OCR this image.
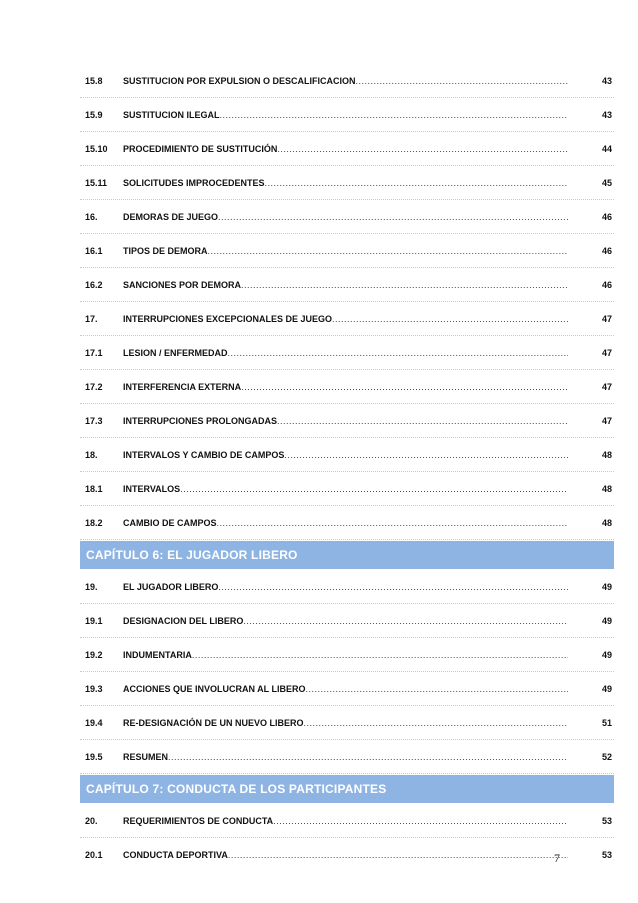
15.8	SUSTITUCION POR EXPULSION O DESCALIFICACION .....	43
15.9	SUSTITUCION ILEGAL .....	43
15.10	PROCEDIMIENTO DE SUSTITUCIÓN .....	44
15.11	SOLICITUDES IMPROCEDENTES .....	45
16.	DEMORAS DE JUEGO .....	46
16.1	TIPOS DE DEMORA .....	46
16.2	SANCIONES POR DEMORA .....	46
17.	INTERRUPCIONES EXCEPCIONALES DE JUEGO .....	47
17.1	LESION / ENFERMEDAD .....	47
17.2	INTERFERENCIA EXTERNA .....	47
17.3	INTERRUPCIONES PROLONGADAS .....	47
18.	INTERVALOS Y CAMBIO DE CAMPOS .....	48
18.1	INTERVALOS .....	48
18.2	CAMBIO DE CAMPOS .....	48
CAPÍTULO 6: EL JUGADOR LIBERO
19.	EL JUGADOR LIBERO .....	49
19.1	DESIGNACION DEL LIBERO .....	49
19.2	INDUMENTARIA .....	49
19.3	ACCIONES QUE INVOLUCRAN AL LIBERO .....	49
19.4	RE-DESIGNACIÓN DE UN NUEVO LIBERO .....	51
19.5	RESUMEN .....	52
CAPÍTULO 7: CONDUCTA DE LOS PARTICIPANTES
20.	REQUERIMIENTOS DE CONDUCTA .....	53
20.1	CONDUCTA DEPORTIVA .....	53
7
